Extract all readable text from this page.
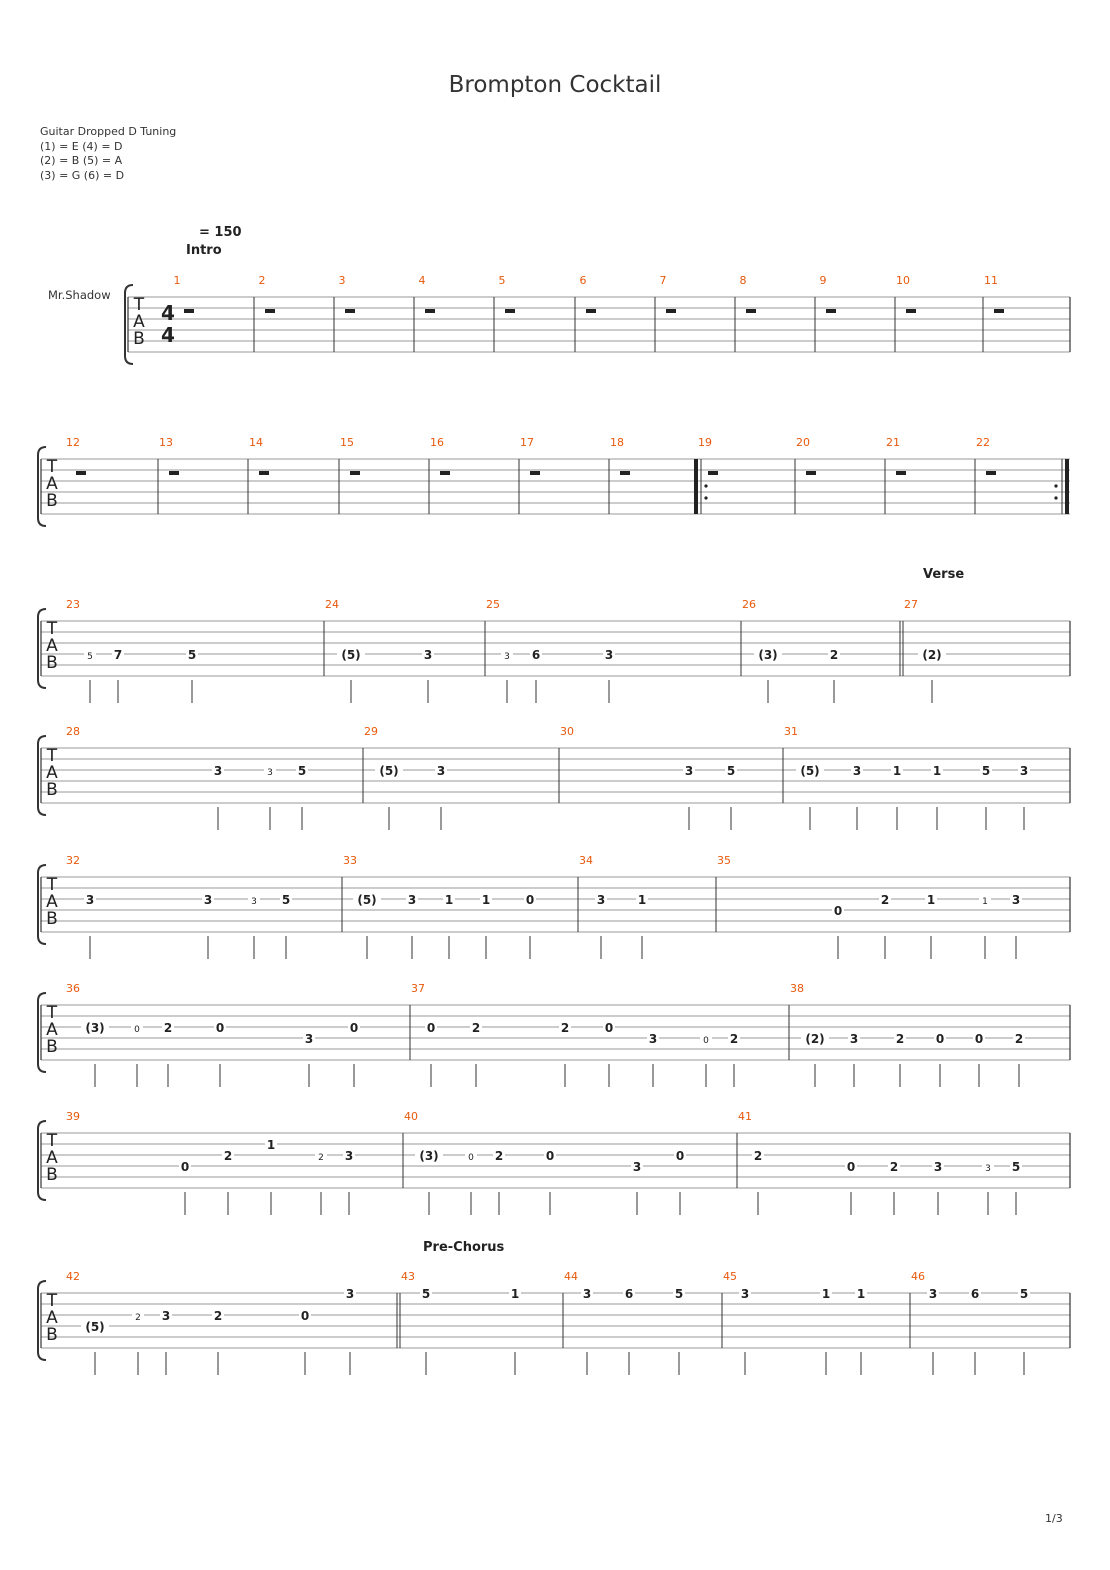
Brompton Cocktail
Guitar Dropped D Tuning
(1) = E (4) = D
(2) = B (5) = A
(3) = G (6) = D
= 150
Intro
Verse
Pre-Chorus
Mr.Shadow
1/3
T
A
B
4
4
1	2	3	4	5	6	7	8	9	10	11
T
A
B
12	13	14	15	16	17	18	19	20	21	22
T
A
B
23
5 7	5
24
(5)	3
25
3 6	3
26
(3)	2
27
(2)
T
A
B
28
3	3 5
29
(5)	3
30
3	5
31
(5)	3	1	1	5 3
T
A
B
32
3	3	3 5
33
(5)	3 1 1	0
34
3	1
35
0
2	1	1 3
T
A
B
36
(3)	0 2	0
3
0
37
0	2	2	0
3	0 2
38
(2) 3	2	0	0	2
T
A
B
39
0
2
1
2 3
40
(3)	0 2	0
3
0
41
2
0	2	3	3 5
T
A
B
42
(5)
2 3	2	0
3
43
5	1
44
3	6	5
45
3	1 1
46
3	6	5
